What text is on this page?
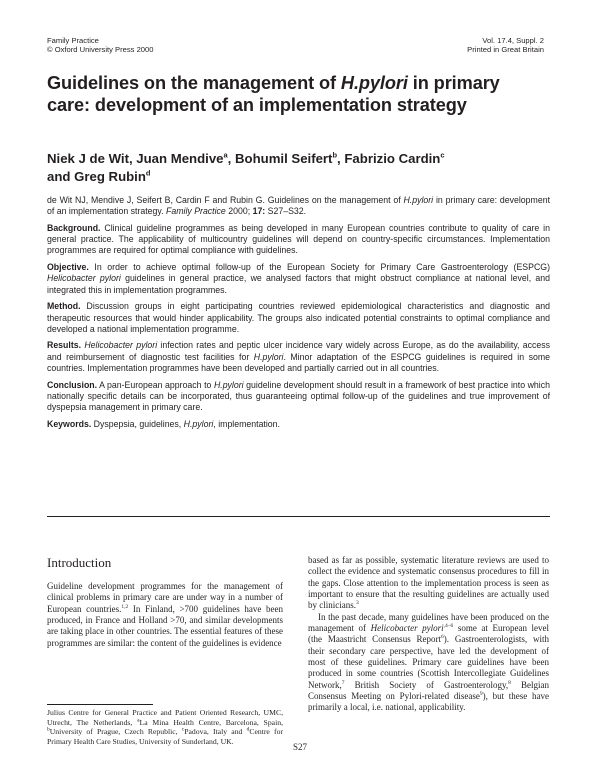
Family Practice
© Oxford University Press 2000
Vol. 17.4, Suppl. 2
Printed in Great Britain
Guidelines on the management of H.pylori in primary care: development of an implementation strategy
Niek J de Wit, Juan Mendive$^a$, Bohumil Seifert$^b$, Fabrizio Cardin$^c$
and Greg Rubin$^d$

de Wit NJ, Mendive J, Seifert B, Cardin F and Rubin G. Guidelines on the management of H.pylori in primary care: development of an implementation strategy. Family Practice 2000; 17: S27–S32.

Background. Clinical guideline programmes as being developed in many European countries contribute to quality of care in general practice. The applicability of multicountry guidelines will depend on country-specific circumstances. Implementation programmes are required for optimal compliance with guidelines.

Objective. In order to achieve optimal follow-up of the European Society for Primary Care Gastroenterology (ESPCG) Helicobacter pylori guidelines in general practice, we analysed factors that might obstruct compliance at national level, and integrated this in implementation programmes.

Method. Discussion groups in eight participating countries reviewed epidemiological characteristics and diagnostic and therapeutic resources that would hinder applicability. The groups also indicated potential constraints to optimal compliance and developed a national implementation programme.

Results. Helicobacter pylori infection rates and peptic ulcer incidence vary widely across Europe, as do the availability, access and reimbursement of diagnostic test facilities for H.pylori. Minor adaptation of the ESPCG guidelines is required in some countries. Implementation programmes have been developed and partially carried out in all countries.

Conclusion. A pan-European approach to H.pylori guideline development should result in a framework of best practice into which nationally specific details can be incorporated, thus guaranteeing optimal follow-up of the guidelines and true improvement of dyspepsia management in primary care.

Keywords. Dyspepsia, guidelines, H.pylori, implementation.

Introduction

Guideline development programmes for the management of clinical problems in primary care are under way in a number of European countries.$^{1,2}$ In Finland, >700 guidelines have been produced, in France and Holland >70, and similar developments are taking place in other countries. The essential features of these programmes are similar: the content of the guidelines is evidence

based as far as possible, systematic literature reviews are used to collect the evidence and systematic consensus procedures to fill in the gaps. Close attention to the implementation process is seen as important to ensure that the resulting guidelines are actually used by clinicians.$^3$

In the past decade, many guidelines have been produced on the management of Helicobacter pylori$^{,4-6}$ some at European level (the Maastricht Consensus Report$^6$). Gastroenterologists, with their secondary care perspective, have led the development of most of these guidelines. Primary care guidelines have been produced in some countries (Scottish Intercollegiate Guidelines Network,$^7$ British Society of Gastroenterology,$^8$ Belgian Consensus Meeting on Pylori-related disease$^9$), but these have primarily a local, i.e. national, applicability.

Julius Centre for General Practice and Patient Oriented Research, UMC, Utrecht, The Netherlands, $^a$La Mina Health Centre, Barcelona, Spain, $^b$University of Prague, Czech Republic, $^c$Padova, Italy and $^d$Centre for Primary Health Care Studies, University of Sunderland, UK.
S27
